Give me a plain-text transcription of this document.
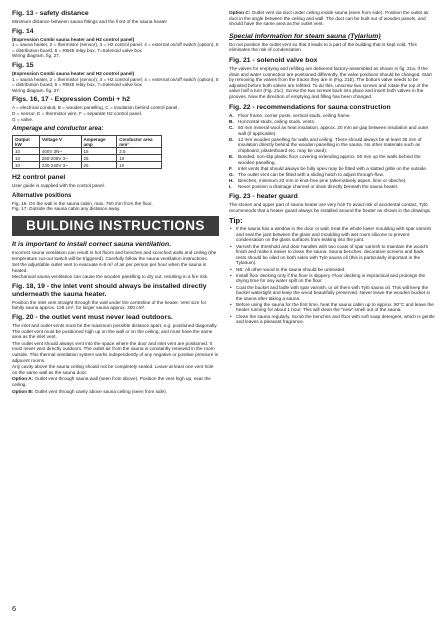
Fig. 13 - safety distance

Minimum distance between sauna fittings and the front of the sauna heater

Fig. 14
(Expression Combi sauna heater and H2 control panel)

1 = sauna heater, 2 = thermistor (sensor), 3 = H2 control panel, 4 = external on/off switch (option), 5 = distribution board, 6 = RB45 relay box, 7=Solenoid valve box

Wiring diagram, fig. 27.

Fig. 15
(Expression Combi sauna heater and H2 control panel)

1 = sauna heater, 2 = thermistor (sensor), 3 = H2 control panel, 4 = external on/off switch (option), 5 = distribution board, 6 = RB45 relay box, 7=Solenoid valve box

Wiring diagram, fig. 27.

Figs. 16, 17 - Expression Combi + h2
A = electrical conduit, B = wooden panelling, C = insulation behind control panel,
D = sensor, E = thermistor wire, F = separate H2 control panel,

G = valve.

Amperage and conductor area:
Output kW	Voltage V	Amperage amp	Conductor area mm²
10	400V 3N~	15	2,5
10	260-208V 3~	25	10
10	230-240V 3~	25	10
H2 control panel

User guide is supplied with the control panel.

Alternative positions
Fig. 16. On the wall in the sauna cabin, max. 760 mm from the floor,

Fig. 17. Outside the sauna cabin any distance away.

BUILDING INSTRUCTIONS
It is important to install correct sauna ventilation.

Incorrect sauna ventilation can result in hot floors and benches and scorched walls and ceiling (the temperature cut-out switch will be triggered). Carefully follow the sauna ventilation instructions.

Set the adjustable outlet vent to evacuate 6-8 m³ of air per person per hour when the sauna is heated.

Mechanical sauna ventilation can cause the wooden panelling to dry out, resulting in a fire risk.

Fig. 18, 19 - the inlet vent should always be installed directly underneath the sauna heater.

Position the inlet vent straight through the wall under the centreline of the heater. Vent size for family sauna approx. 125 cm², for larger sauna approx. 300 cm².

Fig. 20 - the outlet vent must never lead outdoors.

The inlet and outlet vents must be the maximum possible distance apart, e.g. positioned diagonally. The outlet vent must be positioned high up on the wall or on the ceiling, and must have the same area as the inlet vent.

The outlet vent should always vent into the space where the door and inlet vent are positioned. It must never vent directly outdoors. The outlet air from the sauna is constantly renewed in the room outside. This thermal ventilation system works independently of any negative or positive pressure in adjacent rooms.

Any cavity above the sauna ceiling should not be completely sealed. Leave at least one vent hole on the same wall as the sauna door.

Option A: Outlet vent through sauna wall (seen from above). Position the vent high up, near the ceiling.

Option B: Outlet vent through cavity above sauna ceiling (seen from side).

Option C: Outlet vent via duct under ceiling inside sauna (seen from side). Position the outlet air duct in the angle between the ceiling and wall. The duct can be built out of wooden panels, and should have the same area as the outlet vent.

Special information for steam sauna (Tylarium)

Do not position the outlet vent so that it leads to a part of the building that is kept cold. This eliminates the risk of condensation.

Fig. 21 - solenoid valve box

The valves for emptying and refilling are delivered factory-assembled as shown in fig. 21a. If the drain and water connection are positioned differently, the valve positions should be changed. Start by removing the valves from the tracks they are in (Fig. 21b). The bottom valve needs to be adjusted before both valves are refitted. To do this, unscrew two screws and rotate the top of the valve half a turn (Fig. 21c). Screw the two screws back into place and insert both valves in the grooves. Now the direction of emptying and filling has been changed.

Fig. 22 - recommendations for sauna construction
A. Floor frame, corner posts, vertical studs, ceiling frame.
B. Horizontal studs, ceiling studs, vents.
C. 50 mm mineral wool as heat insulation, approx. 20 mm air gap between insulation and outer wall (if applicable).
D. 12 mm wooden panelling for walls and ceiling. There should always be at least 35 mm of insulation directly behind the wooden panelling in the sauna. No other materials such as chipboard, plasterboard etc. may be used).
E. Bonded, non-slip plastic floor covering extending approx. 50 mm up the walls behind the wooden panelling.
F. Inlet vents that should always be fully open may be fitted with a slatted grille on the outside.
G. The outlet vent can be fitted with a sliding hatch to adjust through-flow.
H. Benches, minimum 22 mm in knot-free pine (alternatively aspen, lime or obeche).
I. Never position a drainage channel or drain directly beneath the sauna heater.
Fig. 23 - heater guard

The stones and upper part of sauna heater are very hot! To avoid risk of accidental contact, Tylö recommends that a heater guard always be installed around the heater as shown in the drawings.

Tip:
• If the sauna has a window in the door or wall, treat the whole lower moulding with spar varnish and seal the joint between the glass and moulding with wet room silicone to prevent condensation on the glass surfaces from leaking into the joint.
• Varnish the threshold and door handles with two coats of spar varnish to maintain the wood's finish and make it easier to clean the sauna. Sauna benches, decorative screens and back rests should be oiled on both sides with Tylö sauna oil (this is particularly important in the Tylarium).
• NB: All other wood in the sauna should be untreated.
• Install floor decking only if the floor is slippery. Floor decking is impractical and prolongs the drying time for any water spilt on the floor.
• Coat the bucket and ladle with spar varnish, or oil them with Tylö sauna oil. This will keep the bucket watertight and keep the wood beautifully preserved. Never leave the wooden bucket in the sauna after taking a sauna.
• Before using the sauna for the first time, heat the sauna cabin up to approx. 90°C and leave the heater running for about 1 hour. This will clean the "new" smell out of the sauna.
• Clean the sauna regularly. Scrub the benches and floor with soft soap detergent, which is gentle and leaves a pleasant fragrance.
6
